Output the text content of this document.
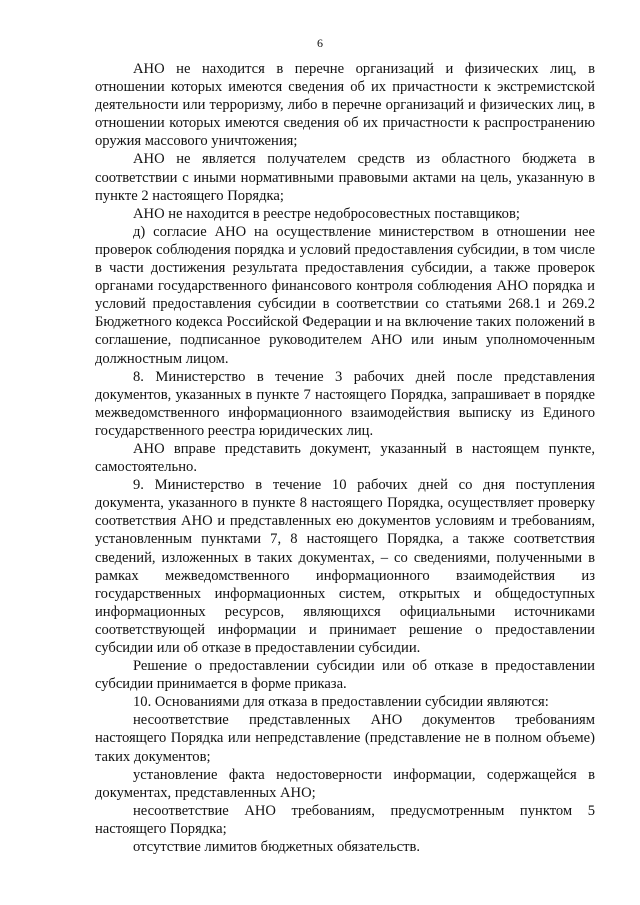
6

АНО не находится в перечне организаций и физических лиц, в отношении которых имеются сведения об их причастности к экстремистской деятельности или терроризму, либо в перечне организаций и физических лиц, в отношении которых имеются сведения об их причастности к распространению оружия массового уничтожения;

АНО не является получателем средств из областного бюджета в соответствии с иными нормативными правовыми актами на цель, указанную в пункте 2 настоящего Порядка;

АНО не находится в реестре недобросовестных поставщиков;

д) согласие АНО на осуществление министерством в отношении нее проверок соблюдения порядка и условий предоставления субсидии, в том числе в части достижения результата предоставления субсидии, а также проверок органами государственного финансового контроля соблюдения АНО порядка и условий предоставления субсидии в соответствии со статьями 268.1 и 269.2 Бюджетного кодекса Российской Федерации и на включение таких положений в соглашение, подписанное руководителем АНО или иным уполномоченным должностным лицом.

8. Министерство в течение 3 рабочих дней после представления документов, указанных в пункте 7 настоящего Порядка, запрашивает в порядке межведомственного информационного взаимодействия выписку из Единого государственного реестра юридических лиц.

АНО вправе представить документ, указанный в настоящем пункте, самостоятельно.

9. Министерство в течение 10 рабочих дней со дня поступления документа, указанного в пункте 8 настоящего Порядка, осуществляет проверку соответствия АНО и представленных ею документов условиям и требованиям, установленным пунктами 7, 8 настоящего Порядка, а также соответствия сведений, изложенных в таких документах, – со сведениями, полученными в рамках межведомственного информационного взаимодействия из государственных информационных систем, открытых и общедоступных информационных ресурсов, являющихся официальными источниками соответствующей информации и принимает решение о предоставлении субсидии или об отказе в предоставлении субсидии.

Решение о предоставлении субсидии или об отказе в предоставлении субсидии принимается в форме приказа.

10. Основаниями для отказа в предоставлении субсидии являются:

несоответствие представленных АНО документов требованиям настоящего Порядка или непредставление (представление не в полном объеме) таких документов;

установление факта недостоверности информации, содержащейся в документах, представленных АНО;

несоответствие АНО требованиям, предусмотренным пунктом 5 настоящего Порядка;

отсутствие лимитов бюджетных обязательств.
